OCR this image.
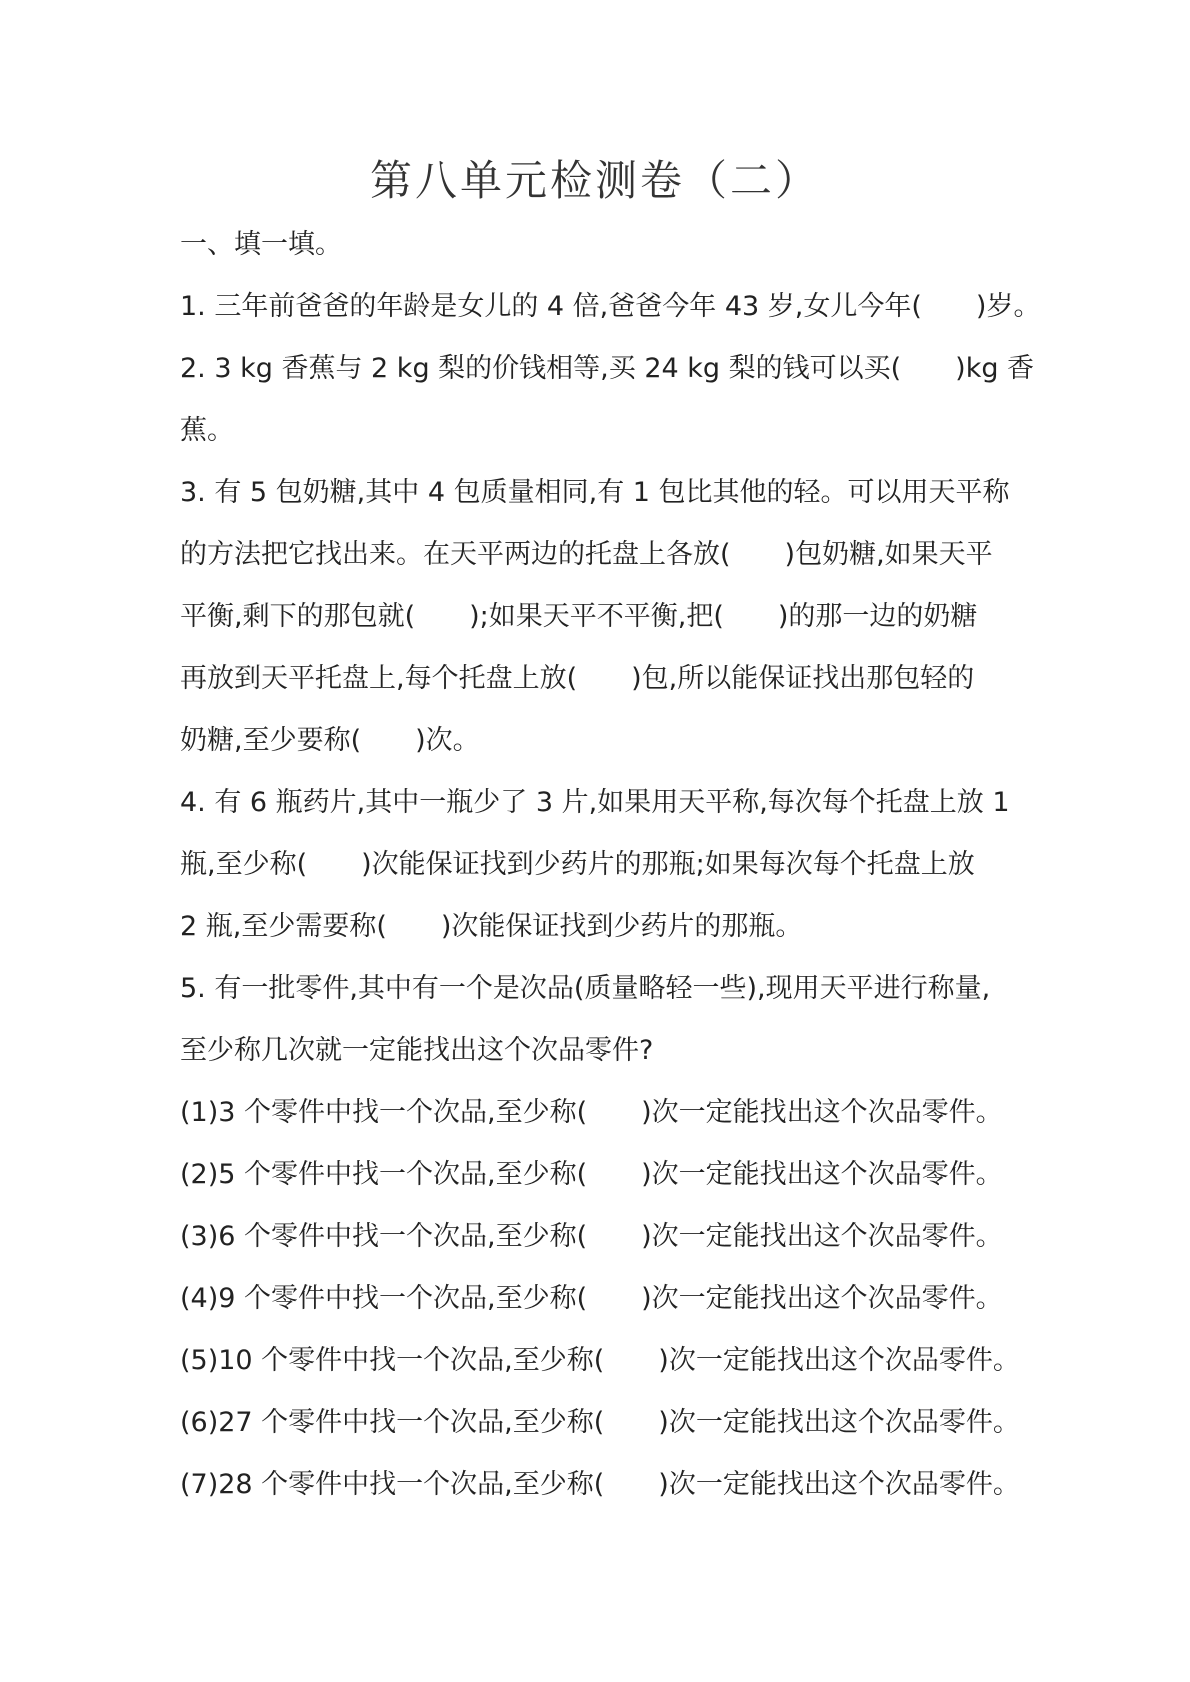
第八单元检测卷（二）
一、填一填。
1. 三年前爸爸的年龄是女儿的 4 倍,爸爸今年 43 岁,女儿今年(　　)岁。
2. 3 kg 香蕉与 2 kg 梨的价钱相等,买 24 kg 梨的钱可以买(　　)kg 香
蕉。
3. 有 5 包奶糖,其中 4 包质量相同,有 1 包比其他的轻。可以用天平称
的方法把它找出来。在天平两边的托盘上各放(　　)包奶糖,如果天平
平衡,剩下的那包就(　　);如果天平不平衡,把(　　)的那一边的奶糖
再放到天平托盘上,每个托盘上放(　　)包,所以能保证找出那包轻的
奶糖,至少要称(　　)次。
4. 有 6 瓶药片,其中一瓶少了 3 片,如果用天平称,每次每个托盘上放 1
瓶,至少称(　　)次能保证找到少药片的那瓶;如果每次每个托盘上放
2 瓶,至少需要称(　　)次能保证找到少药片的那瓶。
5. 有一批零件,其中有一个是次品(质量略轻一些),现用天平进行称量,
至少称几次就一定能找出这个次品零件?
(1)3 个零件中找一个次品,至少称(　　)次一定能找出这个次品零件。
(2)5 个零件中找一个次品,至少称(　　)次一定能找出这个次品零件。
(3)6 个零件中找一个次品,至少称(　　)次一定能找出这个次品零件。
(4)9 个零件中找一个次品,至少称(　　)次一定能找出这个次品零件。
(5)10 个零件中找一个次品,至少称(　　)次一定能找出这个次品零件。
(6)27 个零件中找一个次品,至少称(　　)次一定能找出这个次品零件。
(7)28 个零件中找一个次品,至少称(　　)次一定能找出这个次品零件。
